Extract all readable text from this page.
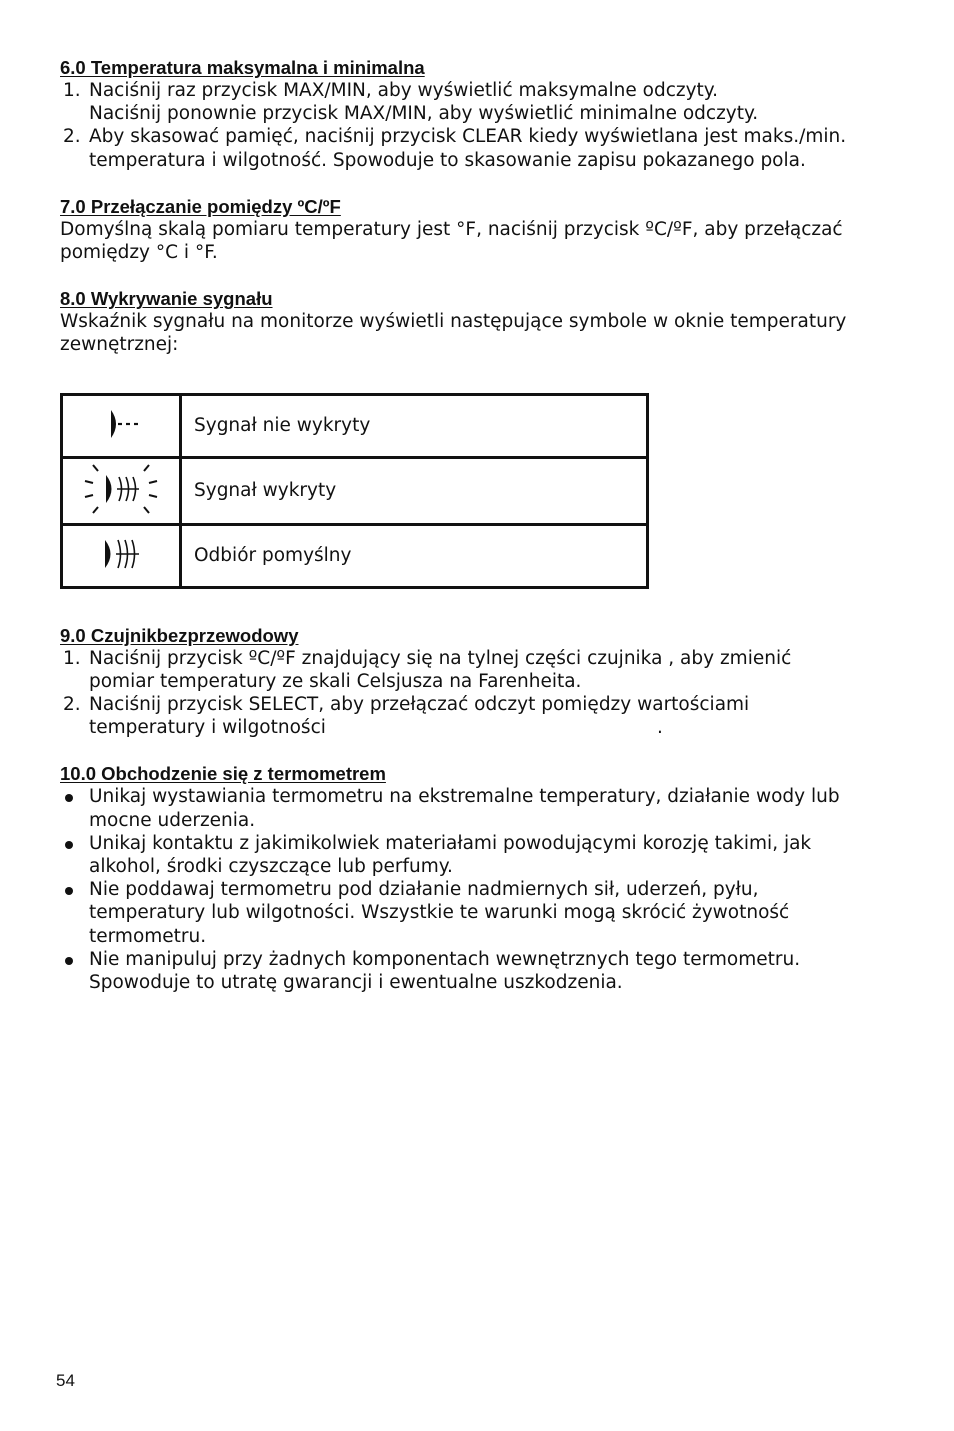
6.0 Temperatura maksymalna i minimalna

1. Naciśnij raz przycisk MAX/MIN, aby wyświetlić maksymalne odczyty.
Naciśnij ponownie przycisk MAX/MIN, aby wyświetlić minimalne odczyty.
2. Aby skasować pamięć, naciśnij przycisk CLEAR kiedy wyświetlana jest maks./min.
temperatura i wilgotność. Spowoduje to skasowanie zapisu pokazanego pola.

7.0 Przełączanie pomiędzy ºC/ºF

Domyślną skalą pomiaru temperatury jest °F, naciśnij przycisk ºC/ºF, aby przełączać

pomiędzy °C i °F.

8.0 Wykrywanie sygnału

Wskaźnik sygnału na monitorze wyświetli następujące symbole w oknie temperatury

zewnętrznej:

	Sygnał nie wykryty
	Sygnał wykryty
	Odbiór pomyślny

9.0 Czujnikbezprzewodowy

1. Naciśnij przycisk ºC/ºF znajdujący się na tylnej części czujnika , aby zmienić
pomiar temperatury ze skali Celsjusza na Farenheita.
2. Naciśnij przycisk SELECT, aby przełączać odczyt pomiędzy wartościami
temperatury i wilgotności	.

10.0 Obchodzenie się z termometrem

Unikaj wystawiania termometru na ekstremalne temperatury, działanie wody lub
mocne uderzenia.
Unikaj kontaktu z jakimikolwiek materiałami powodującymi korozję takimi, jak
alkohol, środki czyszczące lub perfumy.
Nie poddawaj termometru pod działanie nadmiernych sił, uderzeń, pyłu,
temperatury lub wilgotności. Wszystkie te warunki mogą skrócić żywotność
termometru.
Nie manipuluj przy żadnych komponentach wewnętrznych tego termometru.
Spowoduje to utratę gwarancji i ewentualne uszkodzenia.
54
